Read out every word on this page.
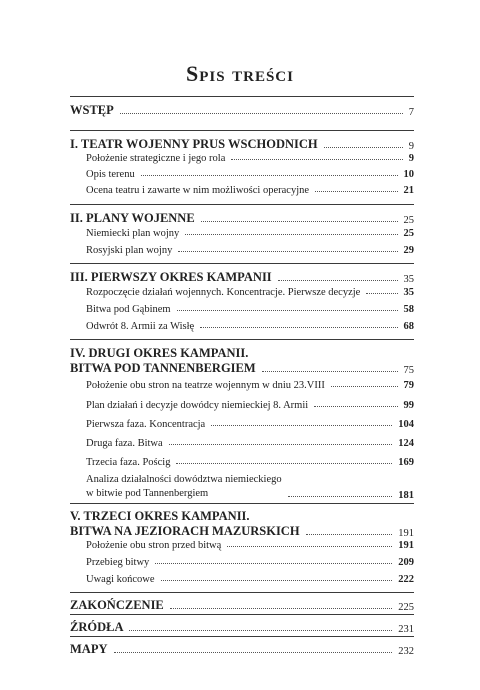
Spis treści
WSTĘP	7
I. TEATR WOJENNY PRUS WSCHODNICH	9
Położenie strategiczne i jego rola	9
Opis terenu	10
Ocena teatru i zawarte w nim możliwości operacyjne	21
II. PLANY WOJENNE	25
Niemiecki plan wojny	25
Rosyjski plan wojny	29
III. PIERWSZY OKRES KAMPANII	35
Rozpoczęcie działań wojennych. Koncentracje. Pierwsze decyzje	35
Bitwa pod Gąbinem	58
Odwrót 8. Armii za Wisłę	68
IV. DRUGI OKRES KAMPANII.
BITWA POD TANNENBERGIEM	75
Położenie obu stron na teatrze wojennym w dniu 23.VIII	79
Plan działań i decyzje dowódcy niemieckiej 8. Armii	99
Pierwsza faza. Koncentracja	104
Druga faza. Bitwa	124
Trzecia faza. Pościg	169
Analiza działalności dowództwa niemieckiego
w bitwie pod Tannenbergiem	181
V. TRZECI OKRES KAMPANII.
BITWA NA JEZIORACH MAZURSKICH	191
Położenie obu stron przed bitwą	191
Przebieg bitwy	209
Uwagi końcowe	222
ZAKOŃCZENIE	225
ŹRÓDŁA	231
MAPY	232
